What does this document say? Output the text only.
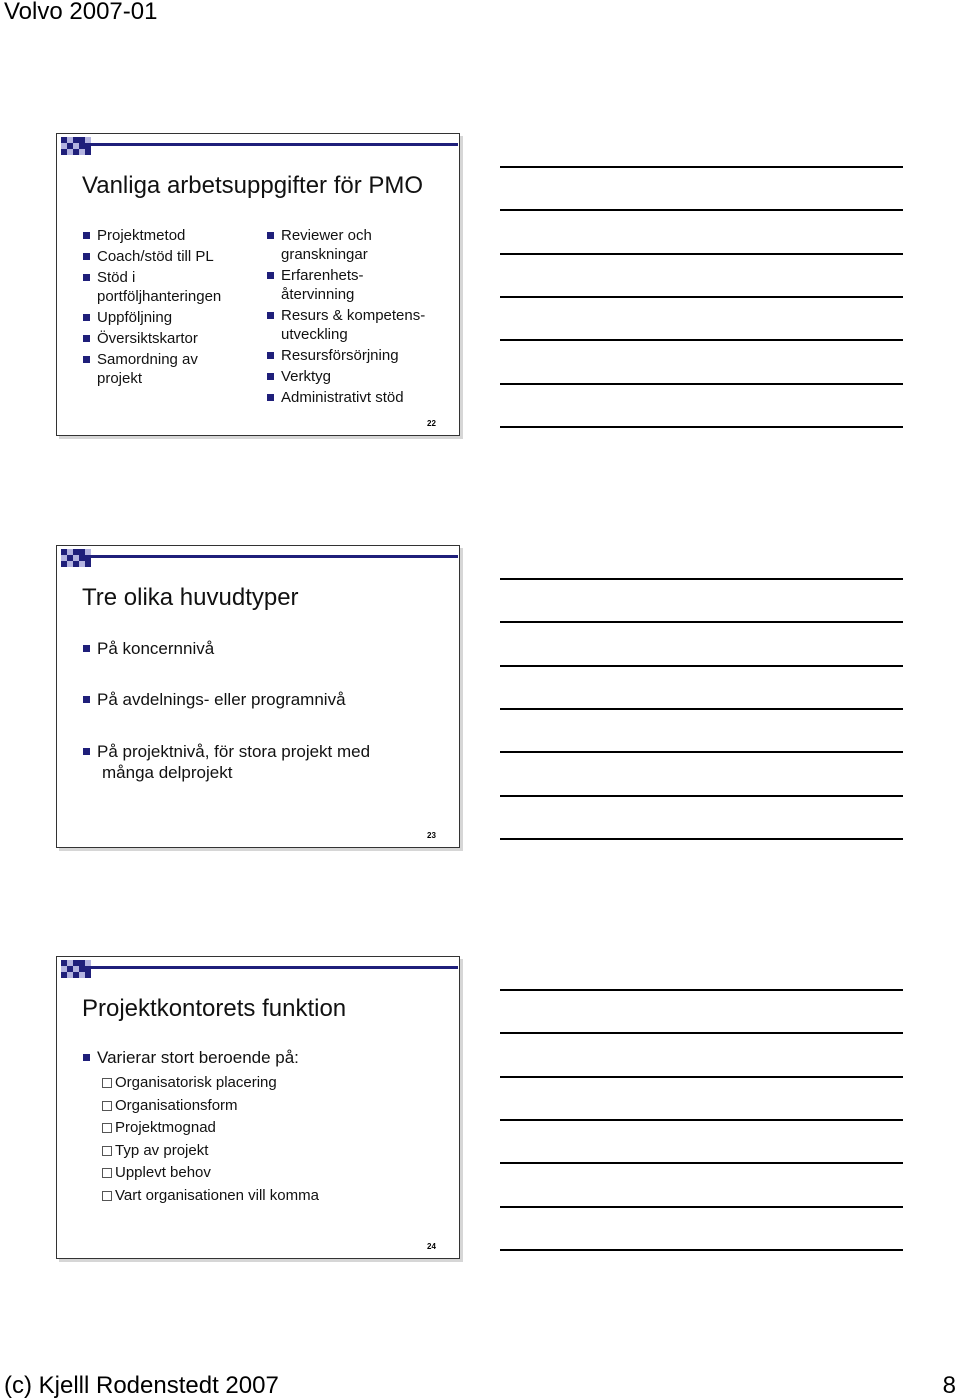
Volvo 2007-01
Vanliga arbetsuppgifter för PMO
Projektmetod
Coach/stöd till PL
Stöd i
portföljhanteringen
Uppföljning
Översiktskartor
Samordning av
projekt
Reviewer och
granskningar
Erfarenhets-
återvinning
Resurs & kompetens-
utveckling
Resursförsörjning
Verktyg
Administrativt stöd
22
Tre olika huvudtyper
På koncernnivå
På avdelnings- eller programnivå
På projektnivå, för stora projekt med
många delprojekt
23
Projektkontorets funktion
Varierar stort beroende på:
Organisatorisk placering
Organisationsform
Projektmognad
Typ av projekt
Upplevt behov
Vart organisationen vill komma
24
(c) Kjelll Rodenstedt 2007	8
